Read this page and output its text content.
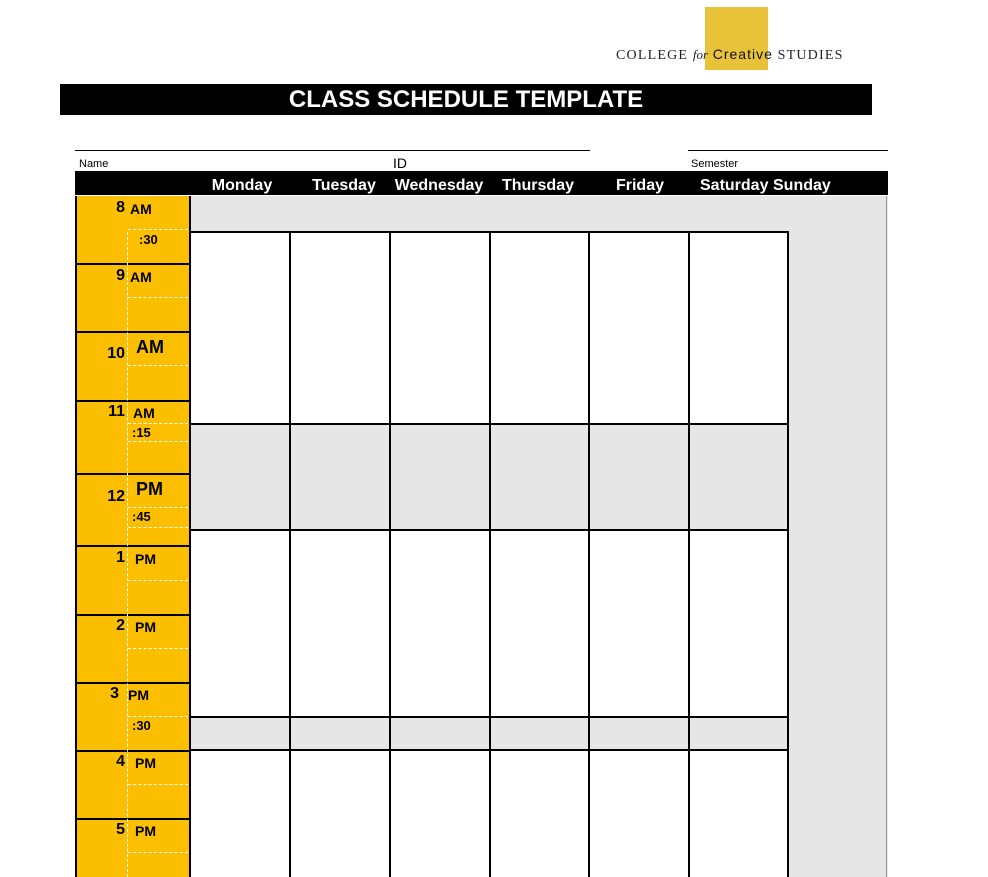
COLLEGE for Creative STUDIES
CLASS SCHEDULE TEMPLATE
Name	ID	Semester
Monday	Tuesday	Wednesday	Thursday	Friday	Saturday Sunday
8 AM
:30
9 AM
10 AM
11 AM
:15
12 PM
:45
1 PM
2 PM
3 PM
:30
4 PM
5 PM
